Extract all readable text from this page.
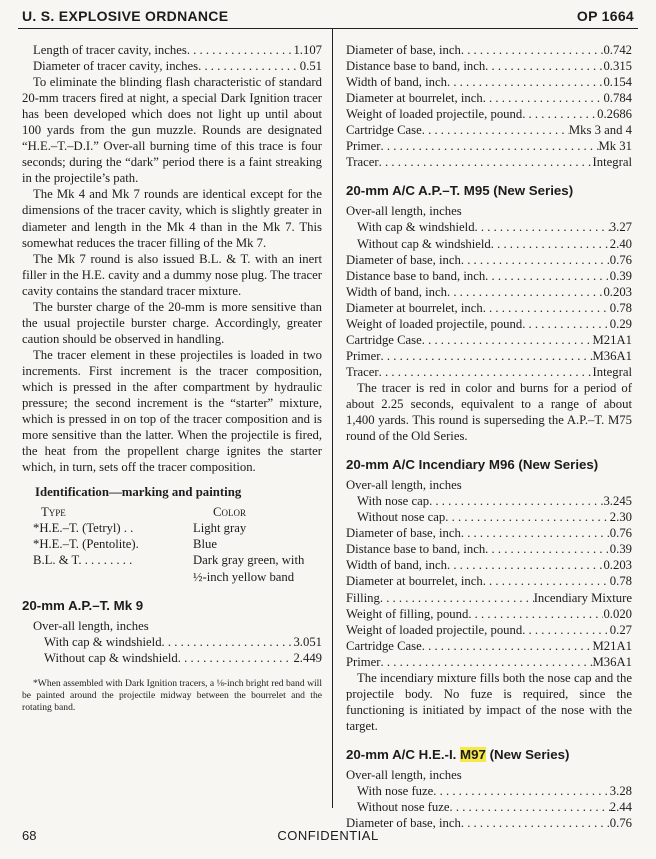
U. S. EXPLOSIVE ORDNANCE	OP 1664
Length of tracer cavity, inches . . .	1.107
Diameter of tracer cavity, inches . . .	0.51

To eliminate the blinding flash characteristic of standard 20-mm tracers fired at night, a special Dark Ignition tracer has been developed which does not light up until about 100 yards from the gun muzzle. Rounds are designated “H.E.–T.–D.I.” Over-all burning time of this trace is four seconds; during the “dark” period there is a faint streaking in the projectile’s path.

The Mk 4 and Mk 7 rounds are identical except for the dimensions of the tracer cavity, which is slightly greater in diameter and length in the Mk 4 than in the Mk 7. This somewhat reduces the tracer filling of the Mk 7.

The Mk 7 round is also issued B.L. & T. with an inert filler in the H.E. cavity and a dummy nose plug. The tracer cavity contains the standard tracer mixture.

The burster charge of the 20-mm is more sensitive than the usual projectile burster charge. Accordingly, greater caution should be observed in handling.

The tracer element in these projectiles is loaded in two increments. First increment is the tracer composition, which is pressed in the after compartment by hydraulic pressure; the second increment is the “starter” mixture, which is pressed in on top of the tracer composition and is more sensitive than the latter. When the projectile is fired, the heat from the propellent charge ignites the starter which, in turn, sets off the tracer composition.

Identification—marking and painting
Type	Color
*H.E.–T. (Tetryl) . .	Light gray
*H.E.–T. (Pentolite).	Blue
B.L. & T. . . . . . . . .	Dark gray green, with
½-inch yellow band
20-mm A.P.–T. Mk 9
Over-all length, inches
With cap & windshield . . .	3.051
Without cap & windshield . . .	2.449
*When assembled with Dark Ignition tracers, a ⅛-inch bright red band will be painted around the projectile midway between the bourrelet and the rotating band.
Diameter of base, inch . . .	0.742
Distance base to band, inch . . .	0.315
Width of band, inch . . .	0.154
Diameter at bourrelet, inch . . .	0.784
Weight of loaded projectile, pound . . .	0.2686
Cartridge Case . . .	Mks 3 and 4
Primer . . .	Mk 31
Tracer . . .	Integral
20-mm A/C A.P.–T. M95 (New Series)
Over-all length, inches
With cap & windshield . . .	3.27
Without cap & windshield . . .	2.40
Diameter of base, inch . . .	0.76
Distance base to band, inch . . .	0.39
Width of band, inch . . .	0.203
Diameter at bourrelet, inch . . .	0.78
Weight of loaded projectile, pound . . .	0.29
Cartridge Case . . .	M21A1
Primer . . .	M36A1
Tracer . . .	Integral

The tracer is red in color and burns for a period of about 2.25 seconds, equivalent to a range of about 1,400 yards. This round is superseding the A.P.–T. M75 round of the Old Series.

20-mm A/C Incendiary M96 (New Series)
Over-all length, inches
With nose cap . . .	3.245
Without nose cap . . .	2.30
Diameter of base, inch . . .	0.76
Distance base to band, inch . . .	0.39
Width of band, inch . . .	0.203
Diameter at bourrelet, inch . . .	0.78
Filling . . .	Incendiary Mixture
Weight of filling, pound . . .	0.020
Weight of loaded projectile, pound . . .	0.27
Cartridge Case . . .	M21A1
Primer . . .	M36A1

The incendiary mixture fills both the nose cap and the projectile body. No fuze is required, since the functioning is initiated by impact of the nose with the target.

20-mm A/C H.E.-I. M97 (New Series)
Over-all length, inches
With nose fuze . . .	3.28
Without nose fuze . . .	2.44
Diameter of base, inch . . .	0.76
68	CONFIDENTIAL
